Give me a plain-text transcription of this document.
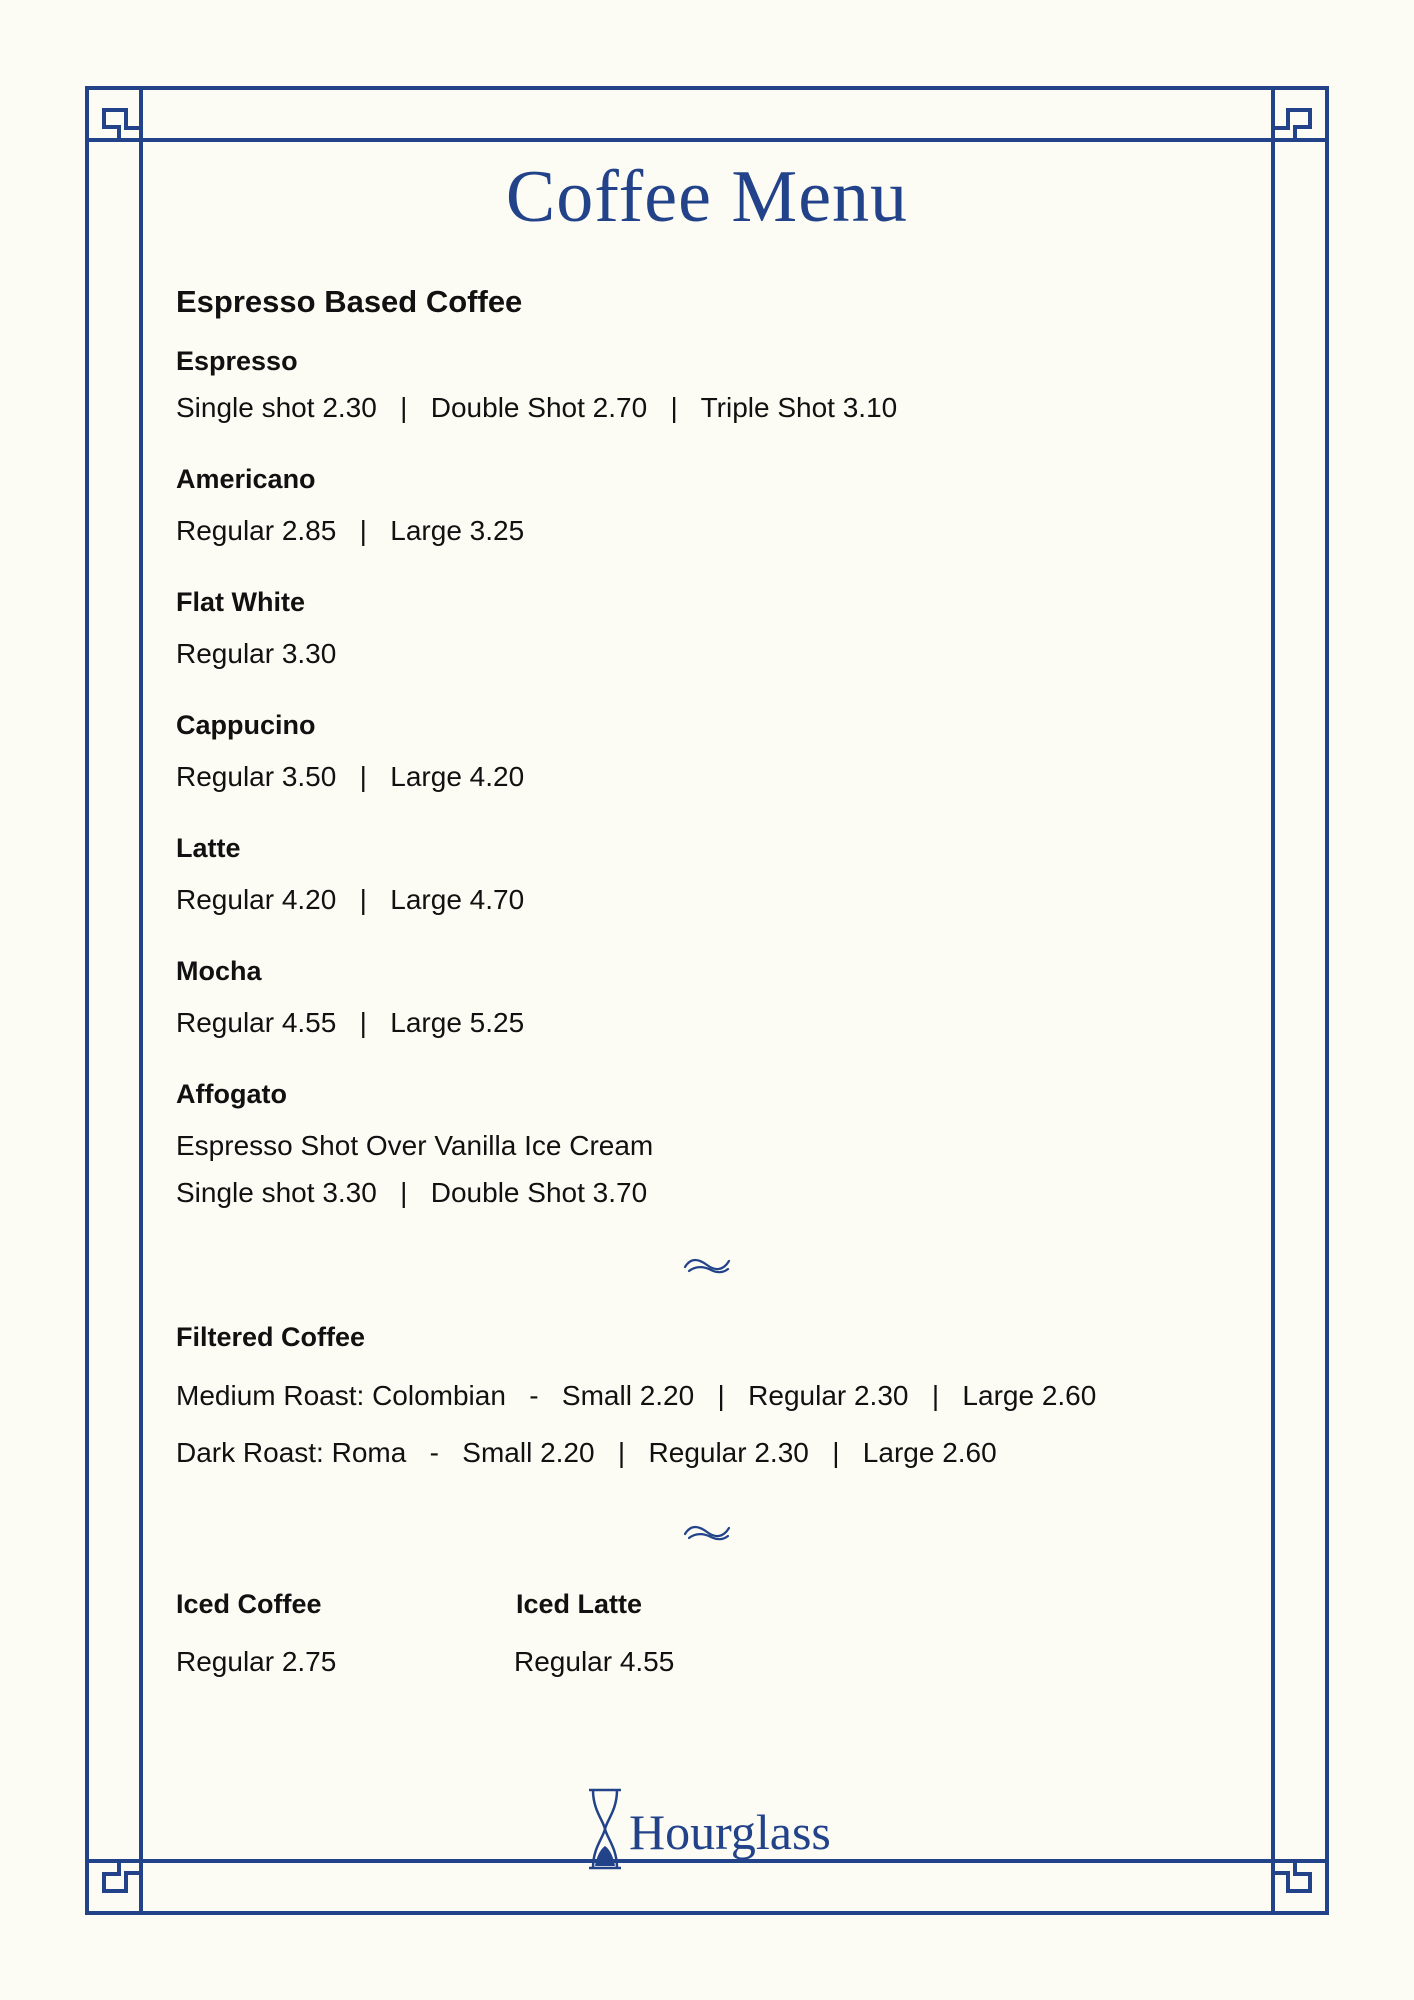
Coffee Menu
Espresso Based Coffee
Espresso
Single shot 2.30   |   Double Shot 2.70   |   Triple Shot 3.10
Americano
Regular 2.85   |   Large 3.25
Flat White
Regular 3.30
Cappucino
Regular 3.50   |   Large 4.20
Latte
Regular 4.20   |   Large 4.70
Mocha
Regular 4.55   |   Large 5.25
Affogato
Espresso Shot Over Vanilla Ice Cream
Single shot 3.30   |   Double Shot 3.70
Filtered Coffee
Medium Roast: Colombian   -   Small 2.20   |   Regular 2.30   |   Large 2.60
Dark Roast: Roma   -   Small 2.20   |   Regular 2.30   |   Large 2.60
Iced Coffee
Regular 2.75
Iced Latte
Regular 4.55
Hourglass
